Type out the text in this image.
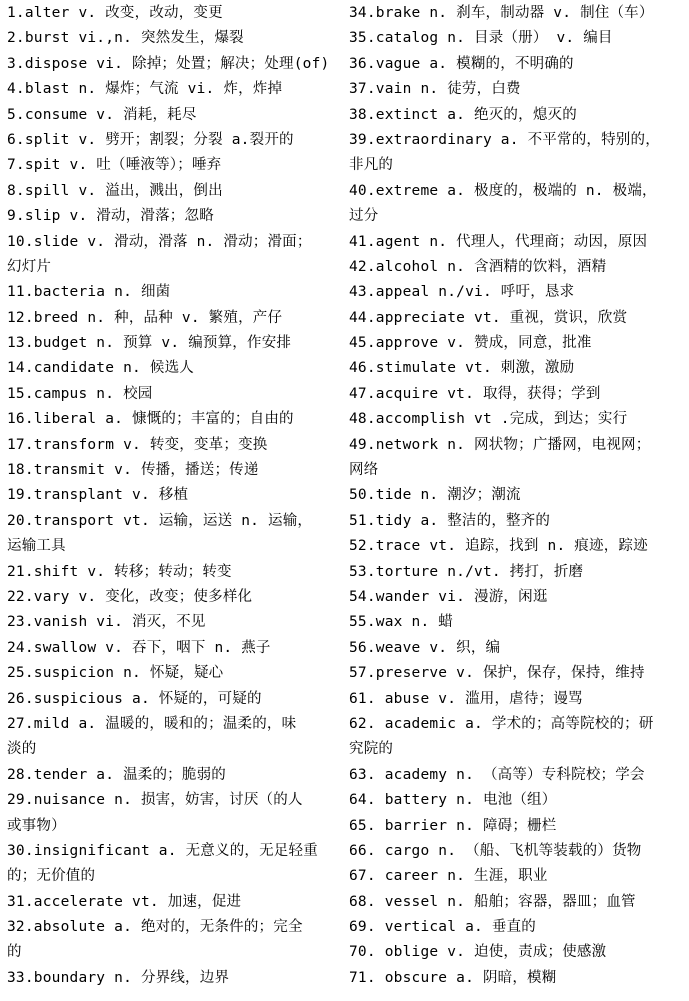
1.alter v. 改变，改动，变更
2.burst vi.,n. 突然发生，爆裂
3.dispose vi. 除掉；处置；解决；处理(of)
4.blast n. 爆炸；气流 vi. 炸，炸掉
5.consume v. 消耗，耗尽
6.split v. 劈开；割裂；分裂 a.裂开的
7.spit v. 吐（唾液等）；唾弃
8.spill v. 溢出，溅出，倒出
9.slip v. 滑动，滑落；忽略
10.slide v. 滑动，滑落 n. 滑动；滑面；
幻灯片
11.bacteria n. 细菌
12.breed n. 种，品种 v. 繁殖，产仔
13.budget n. 预算 v. 编预算，作安排
14.candidate n. 候选人
15.campus n. 校园
16.liberal a. 慷慨的；丰富的；自由的
17.transform v. 转变，变革；变换
18.transmit v. 传播，播送；传递
19.transplant v. 移植
20.transport vt. 运输，运送 n. 运输，
运输工具
21.shift v. 转移；转动；转变
22.vary v. 变化，改变；使多样化
23.vanish vi. 消灭，不见
24.swallow v. 吞下，咽下 n. 燕子
25.suspicion n. 怀疑，疑心
26.suspicious a. 怀疑的，可疑的
27.mild a. 温暖的，暖和的；温柔的，味
淡的
28.tender a. 温柔的；脆弱的
29.nuisance n. 损害，妨害，讨厌（的人
或事物）
30.insignificant a. 无意义的，无足轻重
的；无价值的
31.accelerate vt. 加速，促进
32.absolute a. 绝对的，无条件的；完全
的
33.boundary n. 分界线，边界
34.brake n. 刹车，制动器 v. 制住（车）
35.catalog n. 目录（册） v. 编目
36.vague a. 模糊的，不明确的
37.vain n. 徒劳，白费
38.extinct a. 绝灭的，熄灭的
39.extraordinary a. 不平常的，特别的，
非凡的
40.extreme a. 极度的，极端的 n. 极端，
过分
41.agent n. 代理人，代理商；动因，原因
42.alcohol n. 含酒精的饮料，酒精
43.appeal n./vi. 呼吁，恳求
44.appreciate vt. 重视，赏识，欣赏
45.approve v. 赞成，同意，批准
46.stimulate vt. 刺激，激励
47.acquire vt. 取得，获得；学到
48.accomplish vt .完成，到达；实行
49.network n. 网状物；广播网，电视网；
网络
50.tide n. 潮汐；潮流
51.tidy a. 整洁的，整齐的
52.trace vt. 追踪，找到 n. 痕迹，踪迹
53.torture n./vt. 拷打，折磨
54.wander vi. 漫游，闲逛
55.wax n. 蜡
56.weave v. 织，编
57.preserve v. 保护，保存，保持，维持
61. abuse v. 滥用，虐待；谩骂
62. academic a. 学术的；高等院校的；研
究院的
63. academy n. （高等）专科院校；学会
64. battery n. 电池（组）
65. barrier n. 障碍；栅栏
66. cargo n. （船、飞机等装载的）货物
67. career n. 生涯，职业
68. vessel n. 船舶；容器，器皿；血管
69. vertical a. 垂直的
70. oblige v. 迫使，责成；使感激
71. obscure a. 阴暗，模糊
